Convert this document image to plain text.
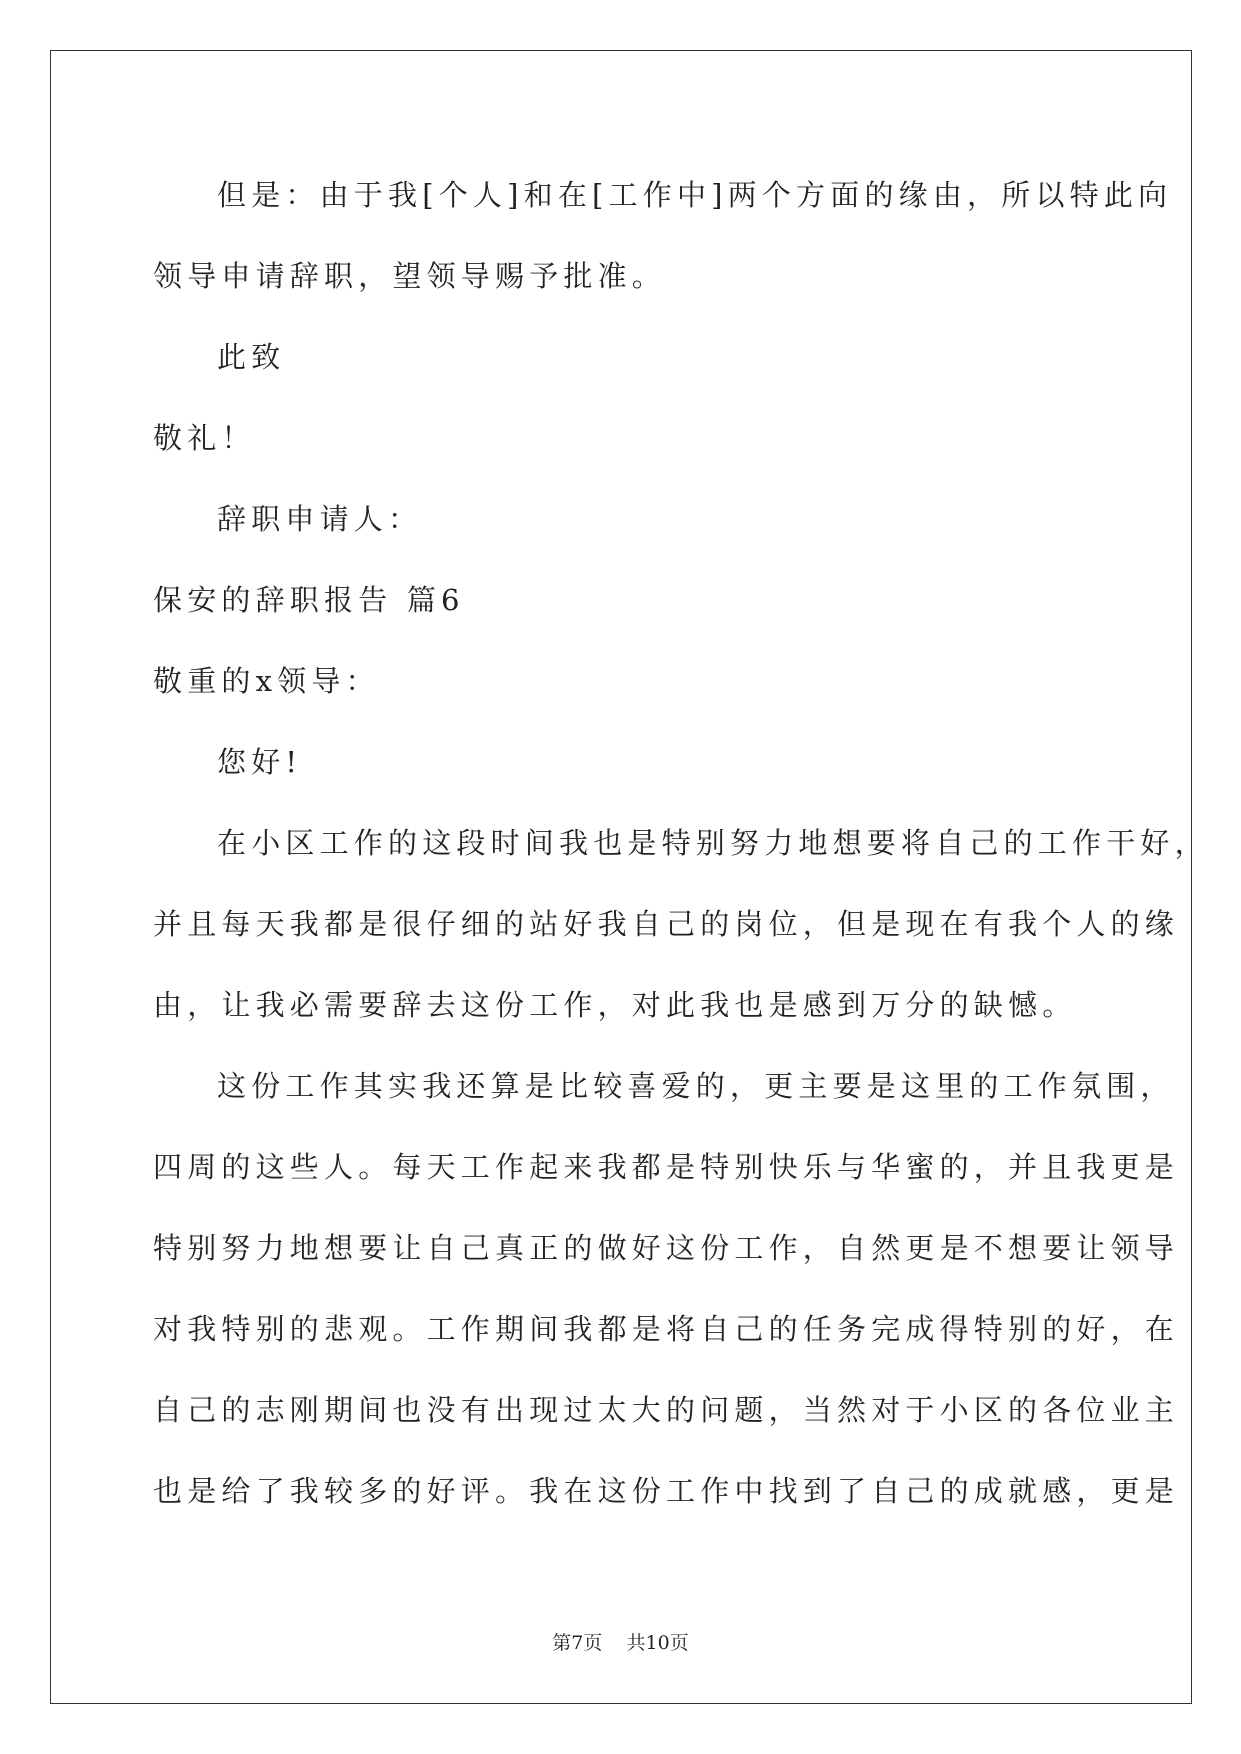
但是：由于我[个人]和在[工作中]两个方面的缘由，所以特此向
领导申请辞职，望领导赐予批准。
此致
敬礼！
辞职申请人：
保安的辞职报告 篇6
敬重的x领导：
您好!
在小区工作的这段时间我也是特别努力地想要将自己的工作干好，
并且每天我都是很仔细的站好我自己的岗位，但是现在有我个人的缘
由，让我必需要辞去这份工作，对此我也是感到万分的缺憾。
这份工作其实我还算是比较喜爱的，更主要是这里的工作氛围，
四周的这些人。每天工作起来我都是特别快乐与华蜜的，并且我更是
特别努力地想要让自己真正的做好这份工作，自然更是不想要让领导
对我特别的悲观。工作期间我都是将自己的任务完成得特别的好，在
自己的志刚期间也没有出现过太大的问题，当然对于小区的各位业主
也是给了我较多的好评。我在这份工作中找到了自己的成就感，更是
第7页 共10页
